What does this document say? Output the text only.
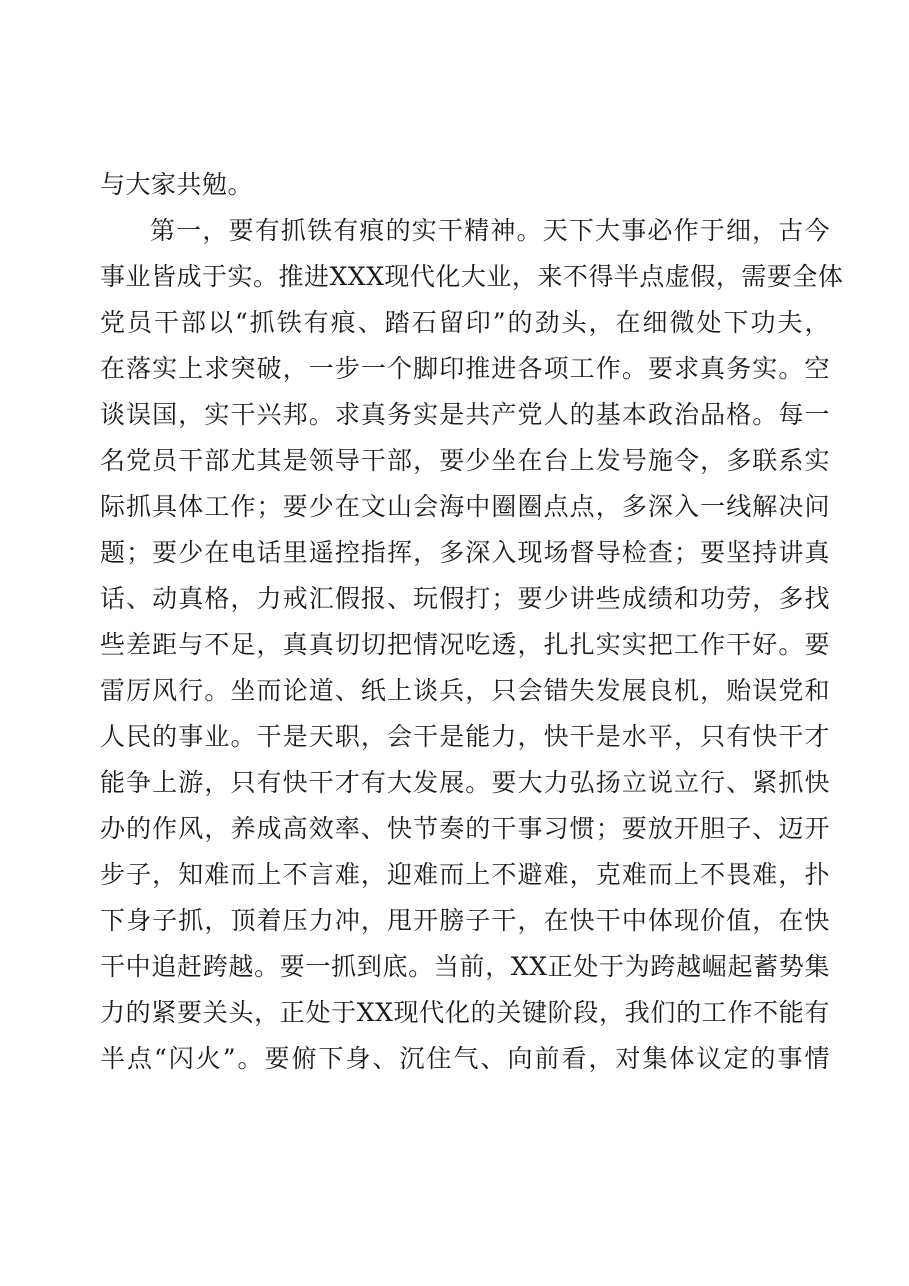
与大家共勉。
第一，要有抓铁有痕的实干精神。天下大事必作于细，古今
事业皆成于实。推进XXX现代化大业，来不得半点虚假，需要全体
党员干部以“抓铁有痕、踏石留印”的劲头，在细微处下功夫，
在落实上求突破，一步一个脚印推进各项工作。要求真务实。空
谈误国，实干兴邦。求真务实是共产党人的基本政治品格。每一
名党员干部尤其是领导干部，要少坐在台上发号施令，多联系实
际抓具体工作；要少在文山会海中圈圈点点，多深入一线解决问
题；要少在电话里遥控指挥，多深入现场督导检查；要坚持讲真
话、动真格，力戒汇假报、玩假打；要少讲些成绩和功劳，多找
些差距与不足，真真切切把情况吃透，扎扎实实把工作干好。要
雷厉风行。坐而论道、纸上谈兵，只会错失发展良机，贻误党和
人民的事业。干是天职，会干是能力，快干是水平，只有快干才
能争上游，只有快干才有大发展。要大力弘扬立说立行、紧抓快
办的作风，养成高效率、快节奏的干事习惯；要放开胆子、迈开
步子，知难而上不言难，迎难而上不避难，克难而上不畏难，扑
下身子抓，顶着压力冲，甩开膀子干，在快干中体现价值，在快
干中追赶跨越。要一抓到底。当前，XX正处于为跨越崛起蓄势集
力的紧要关头，正处于XX现代化的关键阶段，我们的工作不能有
半点“闪火”。要俯下身、沉住气、向前看，对集体议定的事情
